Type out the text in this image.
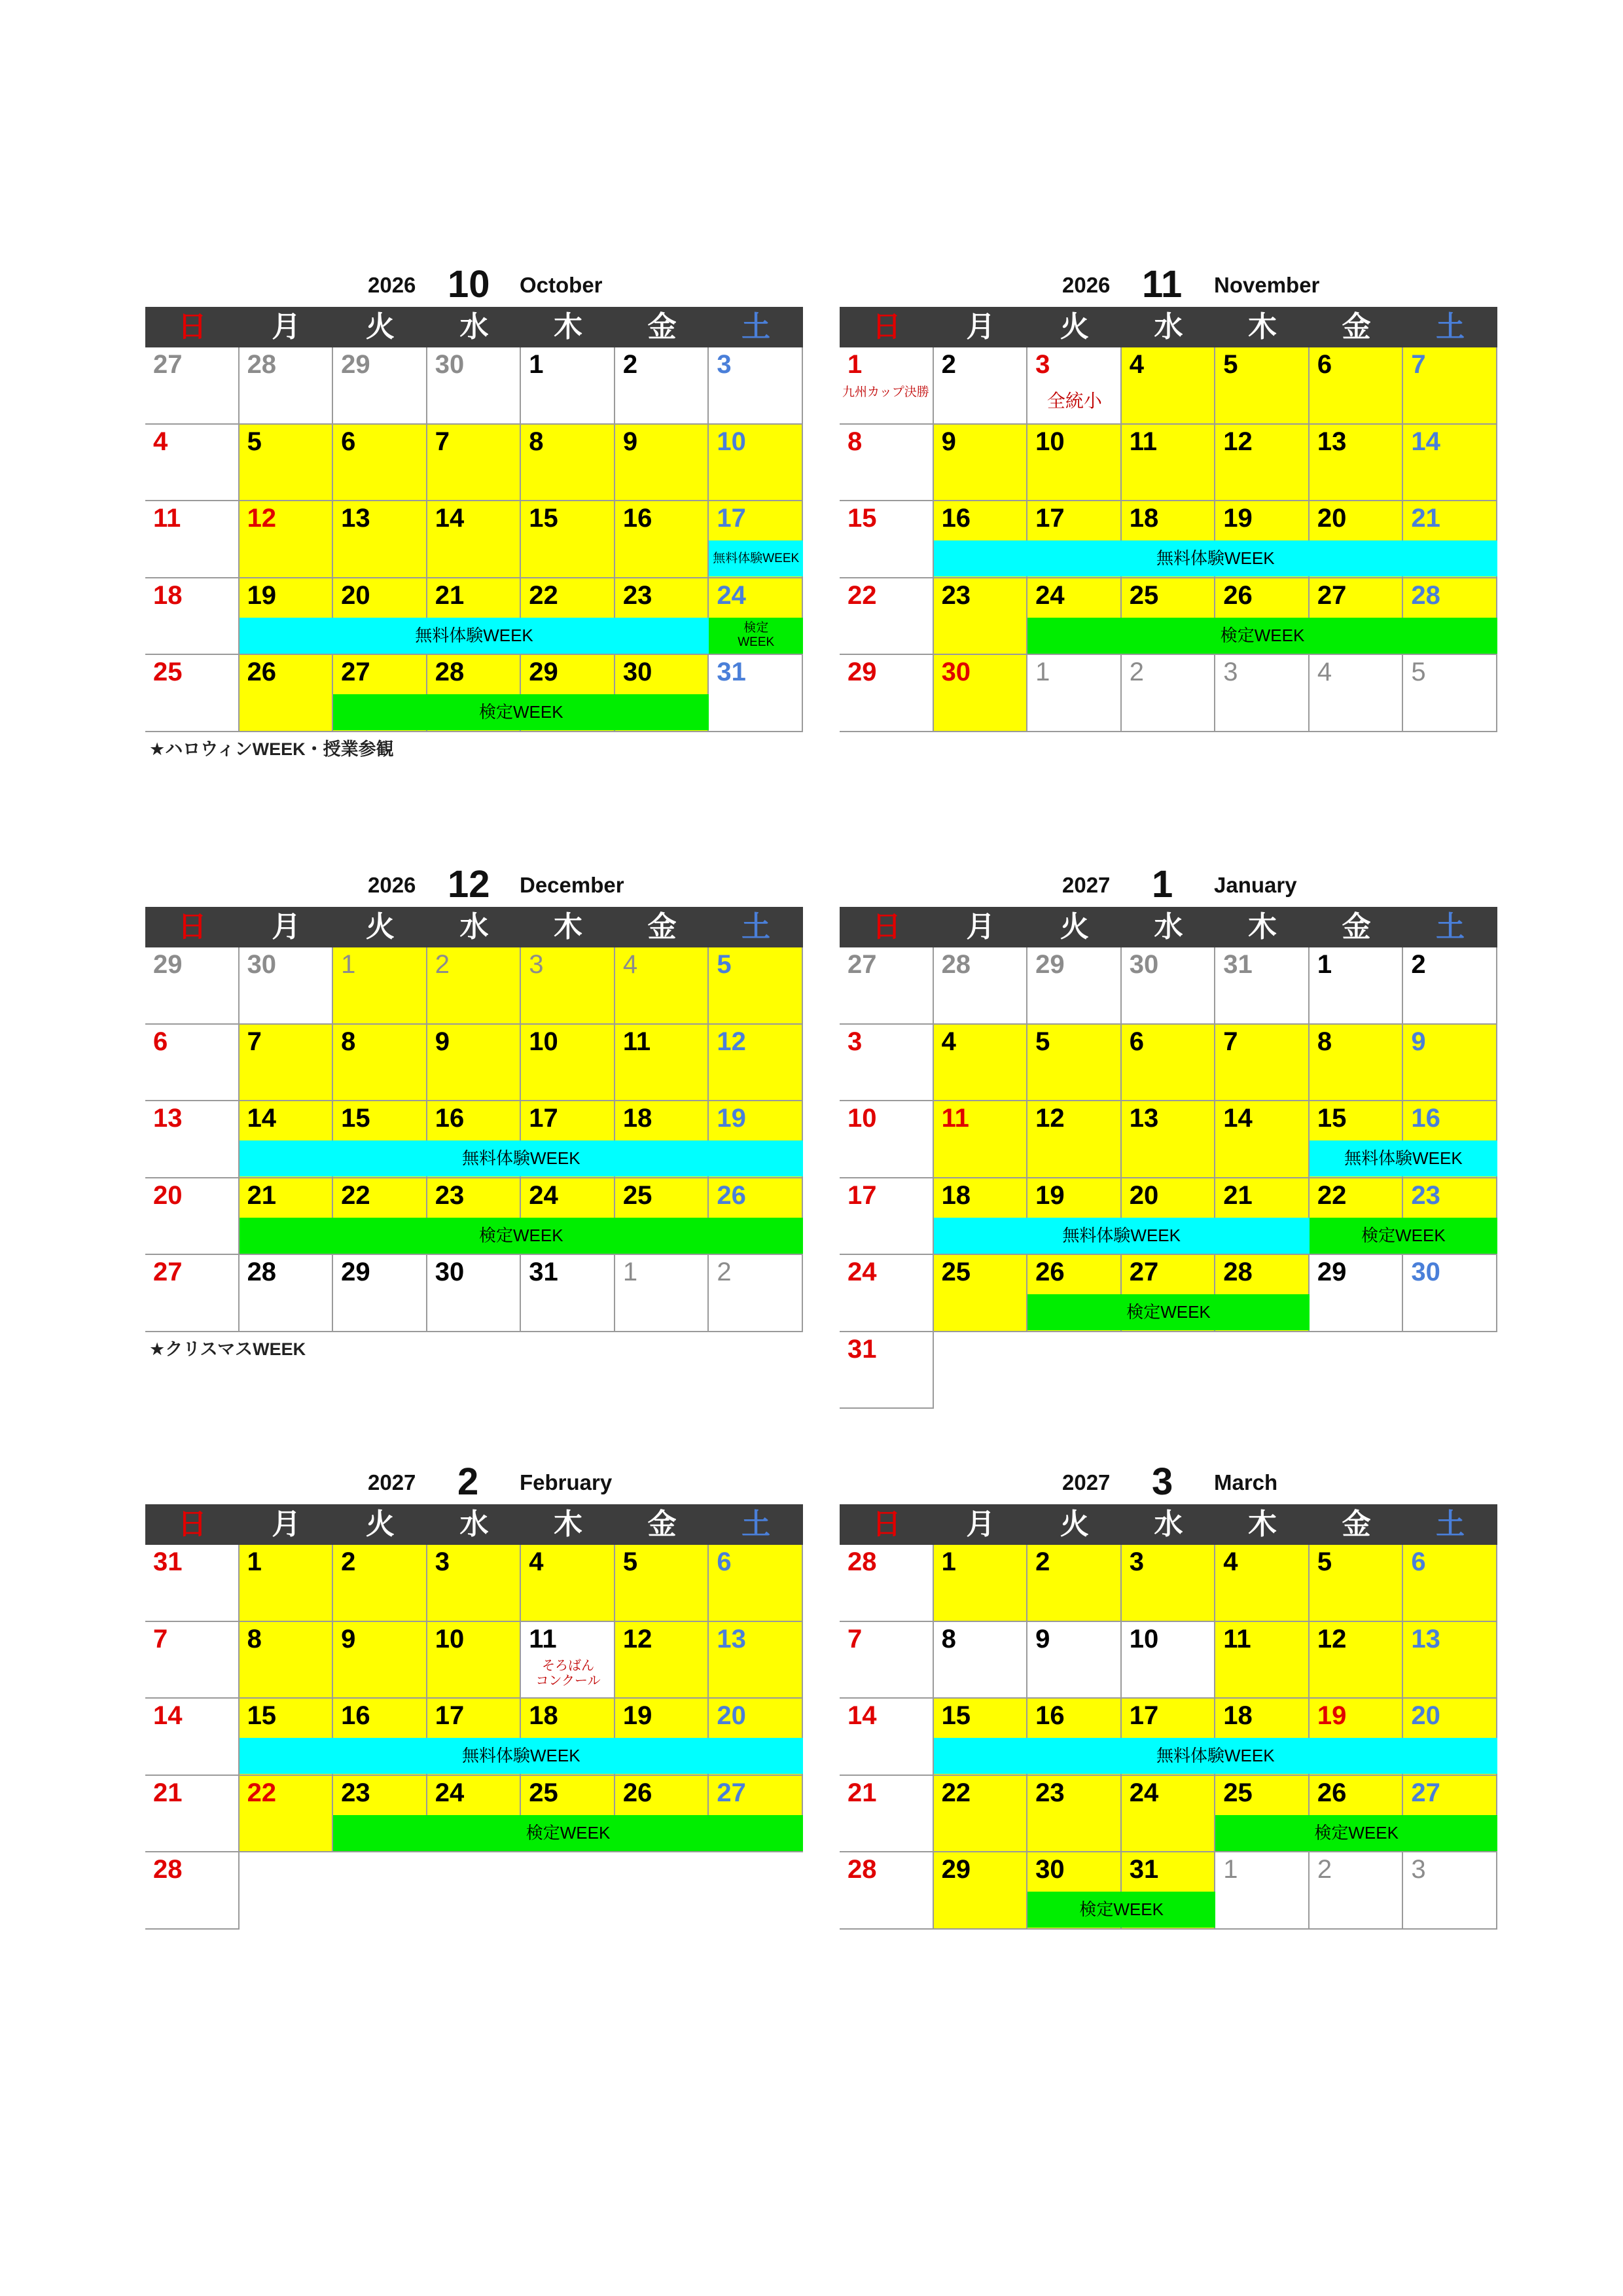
2026 10 October
日	月	火	水	木	金	土
27 28 29 30 1	2	3
4	5	6	7	8	9	10
11	12 13 14 15 16 17
18 19 20 21 22 23 24
25 26 27 28 29 30 31
無料体験WEEK
無料体験WEEK	検定
WEEK
検定WEEK
★ハロウィンWEEK・授業参観
2026 11 November
日	月	火	水	木	金	土
1	2	3	4	5	6	7
8	9	10 11	12 13 14
15 16 17 18 19 20 21
22 23 24 25 26 27 28
29 30 1	2	3	4	5
無料体験WEEK
検定WEEK
九州カップ決勝	全統小
2026 12 December
日	月	火	水	木	金	土
29 30 1	2	3	4	5
6	7	8	9	10 11	12
13 14 15 16 17 18 19
20 21 22 23 24 25 26
27 28 29 30 31 1	2
無料体験WEEK
検定WEEK
★クリスマスWEEK
2027 1 January
日	月	火	水	木	金	土
27 28 29 30 31 1	2
3	4	5	6	7	8	9
10 11	12 13 14 15 16
17 18 19 20 21 22 23
24 25 26 27 28 29 30
31
無料体験WEEK
無料体験WEEK	検定WEEK
検定WEEK
2027 2 February
日	月	火	水	木	金	土
31 1	2	3	4	5	6
7	8	9	10 11	12 13
14 15 16 17 18 19 20
21 22 23 24 25 26 27
28
無料体験WEEK
検定WEEK
そろばん
コンクール
2027 3 March
日	月	火	水	木	金	土
28 1	2	3	4	5	6
7	8	9	10 11	12 13
14 15 16 17 18 19 20
21 22 23 24 25 26 27
28 29 30 31 1	2	3
無料体験WEEK
検定WEEK
検定WEEK
